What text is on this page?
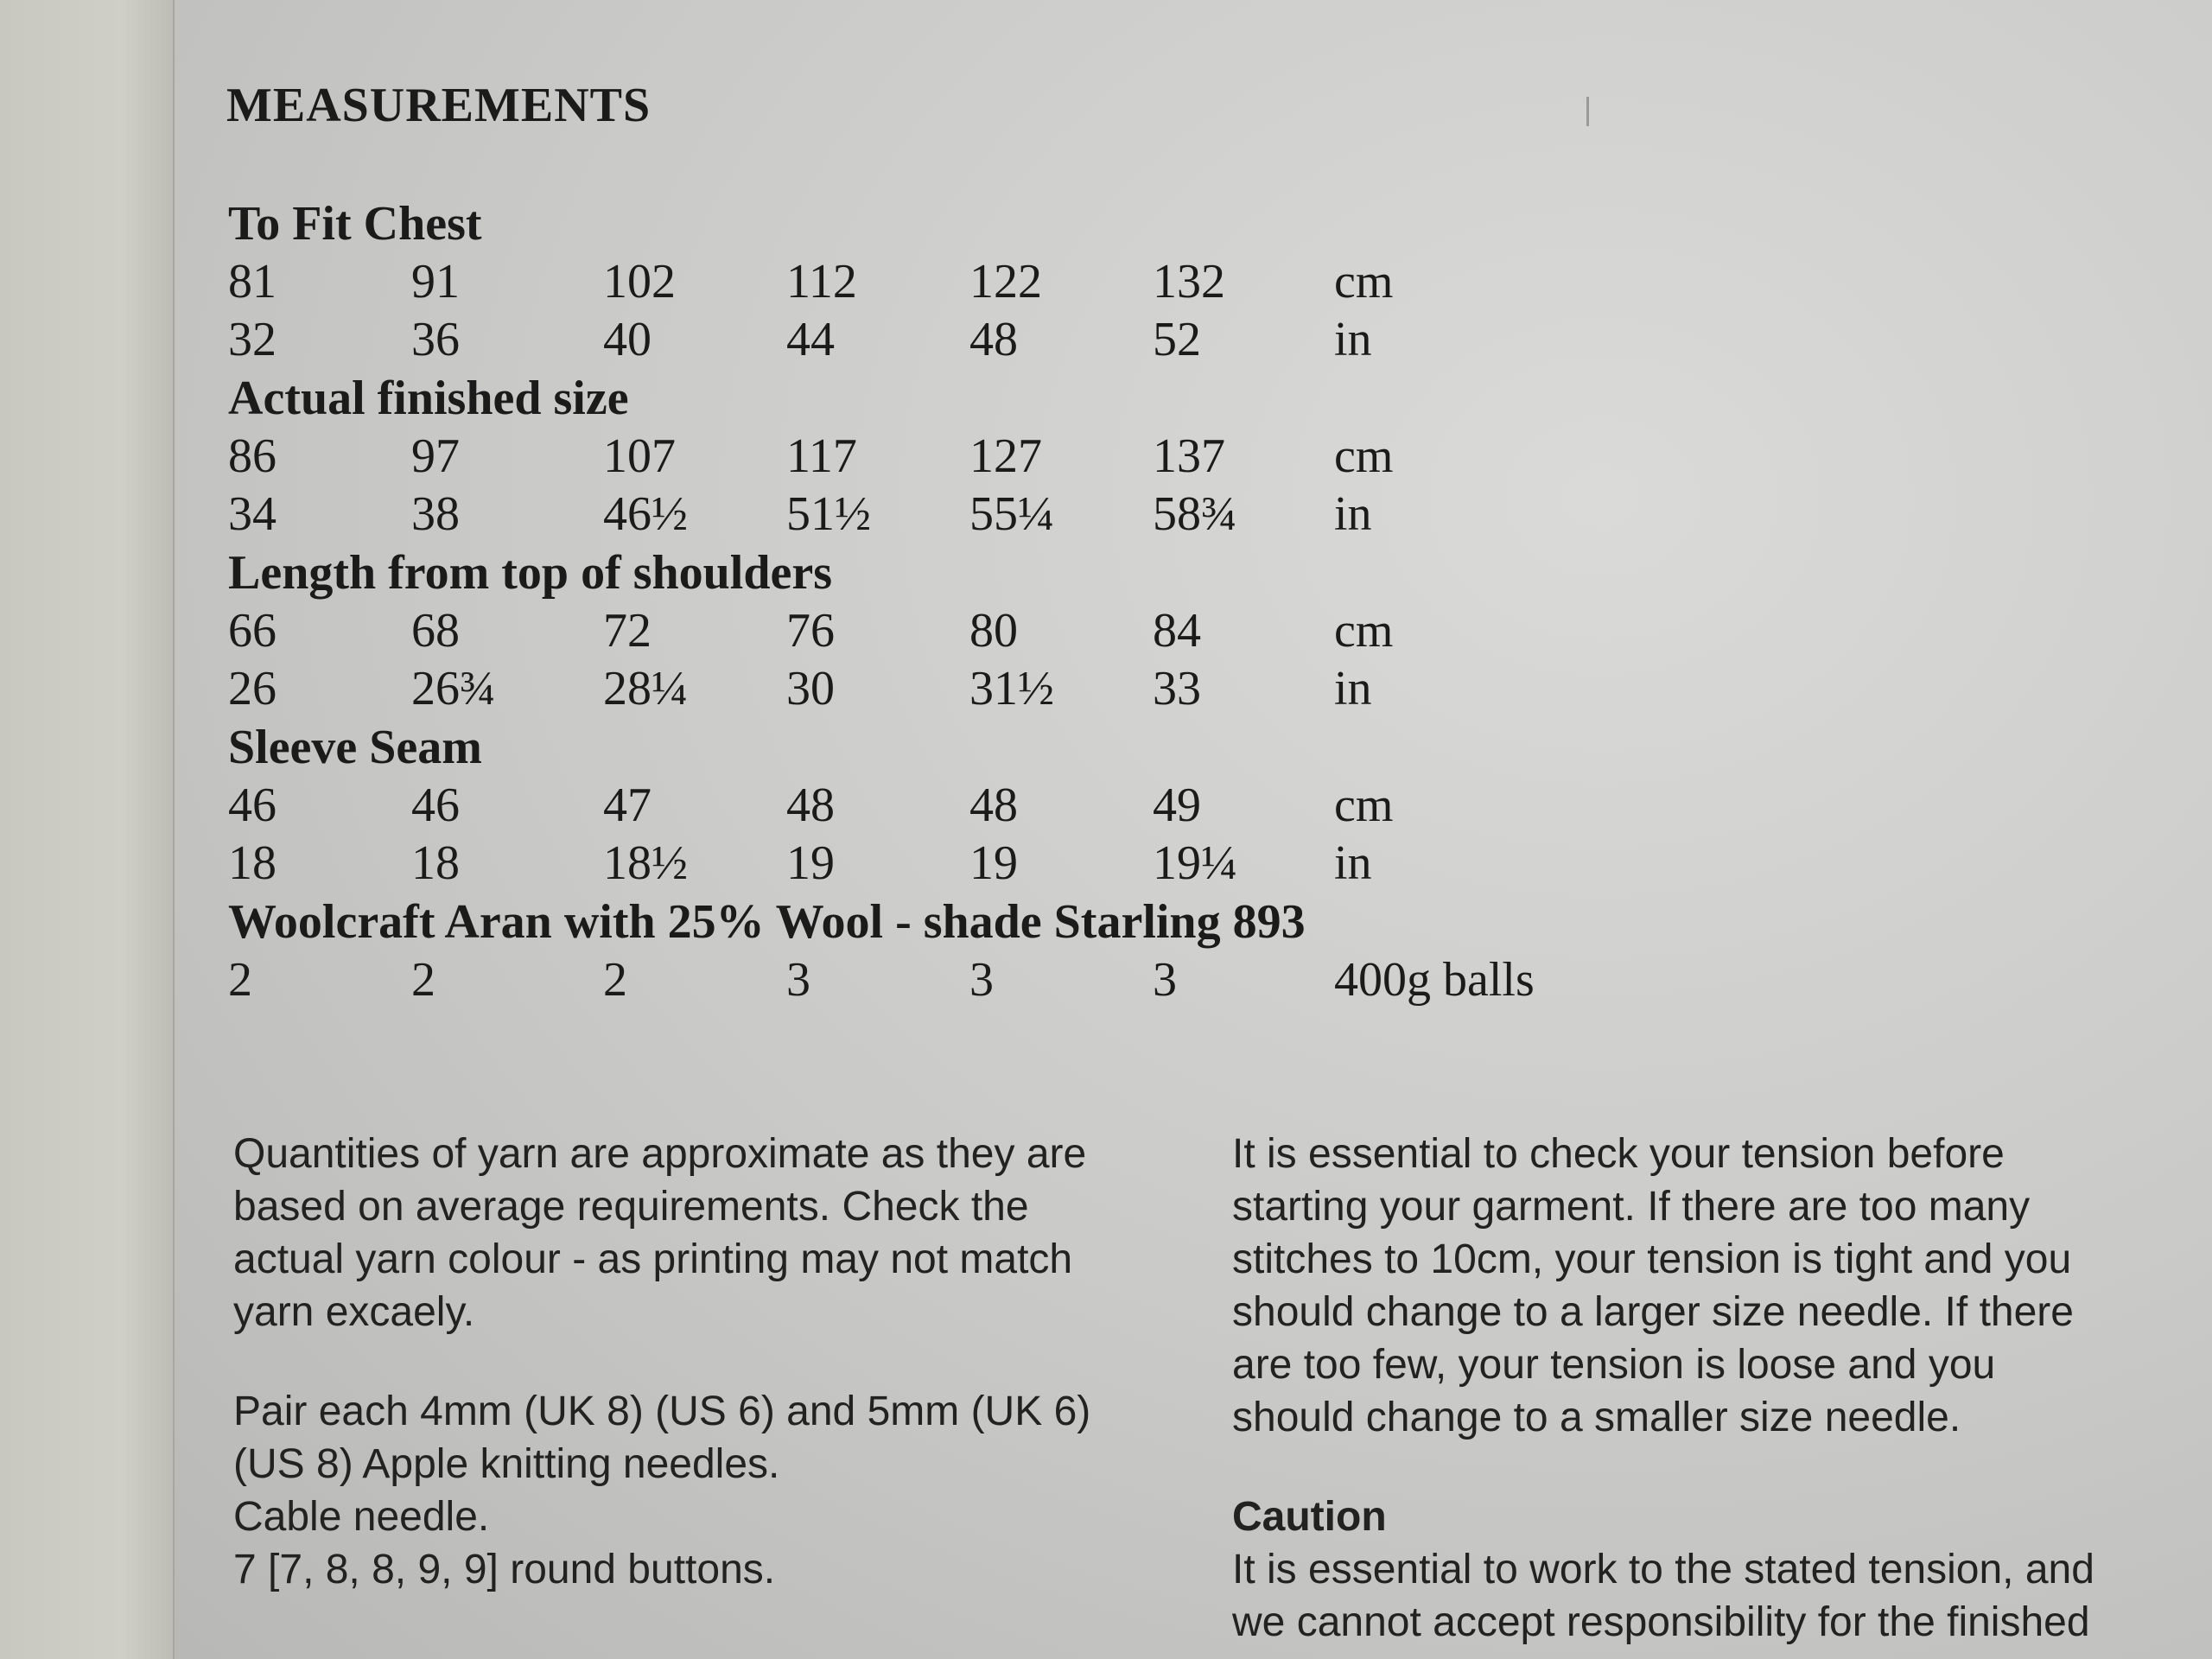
MEASUREMENTS
To Fit Chest
81	91	102 112 122 132 cm
32	36	40	44	48	52	in
Actual finished size
86	97	107 117 127 137 cm
34	38	46½ 51½ 55¼ 58¾ in
Length from top of shoulders
66	68	72	76	80	84	cm
26	26¾ 28¼ 30	31½ 33	in
Sleeve Seam
46	46	47	48	48	49	cm
18	18	18½ 19	19	19¼ in
Woolcraft Aran with 25% Wool - shade Starling 893
2	2	2	3	3	3	400g balls

Quantities of yarn are approximate as they are
based on average requirements. Check the
actual yarn colour - as printing may not match
yarn excaely.

Pair each 4mm (UK 8) (US 6) and 5mm (UK 6)
(US 8) Apple knitting needles.
Cable needle.
7 [7, 8, 8, 9, 9] round buttons.

It is essential to check your tension before
starting your garment. If there are too many
stitches to 10cm, your tension is tight and you
should change to a larger size needle. If there
are too few, your tension is loose and you
should change to a smaller size needle.

Caution

It is essential to work to the stated tension, and
we cannot accept responsibility for the finished
